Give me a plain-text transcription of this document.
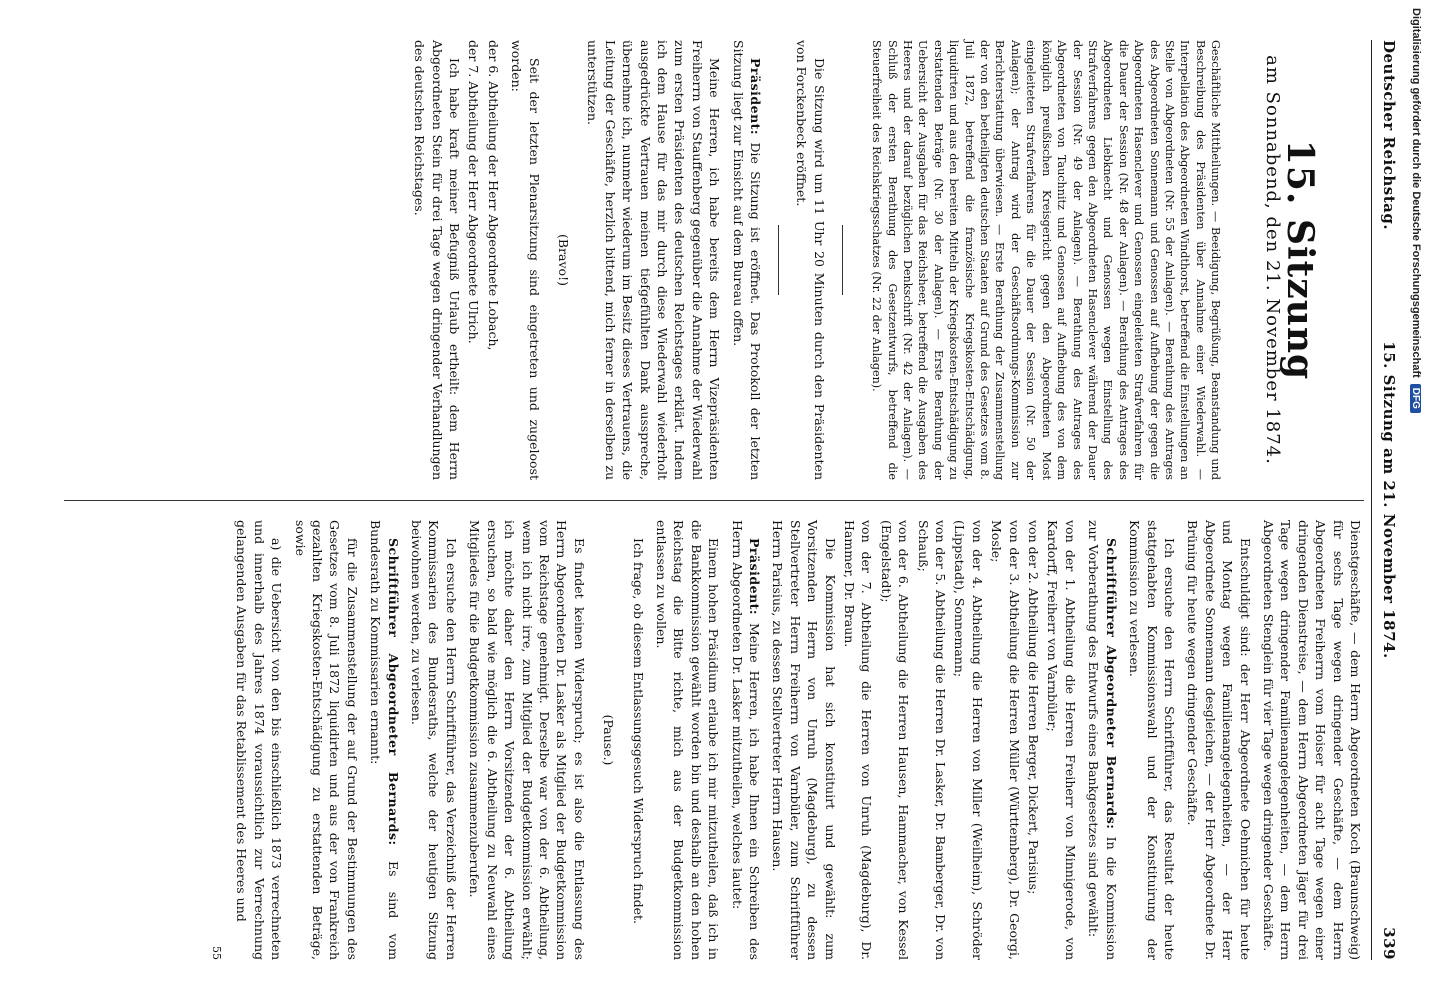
Deutscher Reichstag.
15. Sitzung am 21. November 1874.
339
15. Sitzung
am Sonnabend, den 21. November 1874.

Geschäftliche Mittheilungen. — Beeidigung, Begrüßung, Beanstandung und Beschreibung des Präsidenten über Annahme einer Wiederwahl. — Interpellation des Abgeordneten Windthorst, betreffend die Einstellungen an Stelle von Abgeordneten (Nr. 55 der Anlagen). — Berathung des Antrages des Abgeordneten Sonnemann und Genossen auf Aufhebung der gegen die Abgeordneten Hasenclever und Genossen eingeleiteten Strafverfahren für die Dauer der Session (Nr. 48 der Anlagen). — Berathung des Antrages des Abgeordneten Liebknecht und Genossen wegen Einstellung des Strafverfahrens gegen den Abgeordneten Hasenclever während der Dauer der Session (Nr. 49 der Anlagen). — Berathung des Antrages des Abgeordneten von Tauchnitz und Genossen auf Aufhebung des von dem königlich preußischen Kreisgericht gegen den Abgeordneten Most eingeleiteten Strafverfahrens für die Dauer der Session (Nr. 50 der Anlagen); der Antrag wird der Geschäftsordnungs-Kommission zur Berichterstattung überwiesen. — Erste Berathung der Zusammenstellung der von den betheiligten deutschen Staaten auf Grund des Gesetzes vom 8. Juli 1872, betreffend die französische Kriegskosten-Entschädigung, liquidirten und aus den bereiten Mitteln der Kriegskosten-Entschädigung zu erstattenden Beträge (Nr. 30 der Anlagen). — Erste Berathung der Uebersicht der Ausgaben für das Reichsheer, betreffend die Ausgaben des Heeres und der darauf bezüglichen Denkschrift (Nr. 42 der Anlagen). — Schluß der ersten Berathung des Gesetzentwurfs, betreffend die Steuerfreiheit des Reichskriegsschatzes (Nr. 22 der Anlagen).

Die Sitzung wird um 11 Uhr 20 Minuten durch den Präsidenten von Forckenbeck eröffnet.

Präsident: Die Sitzung ist eröffnet. Das Protokoll der letzten Sitzung liegt zur Einsicht auf dem Bureau offen.

Meine Herren, ich habe bereits dem Herrn Vizepräsidenten Freiherrn von Stauffenberg gegenüber die Annahme der Wiederwahl zum ersten Präsidenten des deutschen Reichstages erklärt. Indem ich dem Hause für das mir durch diese Wiederwahl wiederholt ausgedrückte Vertrauen meinen tiefgefühlten Dank ausspreche, übernehme ich, nunmehr wiederum im Besitz dieses Vertrauens, die Leitung der Geschäfte, herzlich bittend, mich ferner in derselben zu unterstützen.

(Bravo!)

Seit der letzten Plenarsitzung sind eingetreten und zugeloost worden:

der 6. Abtheilung der Herr Abgeordnete Lobach,

der 7. Abtheilung der Herr Abgeordnete Ulrich.

Ich habe kraft meiner Befugniß Urlaub ertheilt: dem Herrn Abgeordneten Stein für drei Tage wegen dringender Verhandlungen des deutschen Reichstages.

Dienstgeschäfte, — dem Herrn Abgeordneten Koch (Braunschweig) für sechs Tage wegen dringender Geschäfte, — dem Herrn Abgeordneten Freiherrn vom Hoiser für acht Tage wegen einer dringenden Dienstreise, — dem Herrn Abgeordneten Jäger für drei Tage wegen dringender Familienangelegenheiten, — dem Herrn Abgeordneten Stenglein für vier Tage wegen dringender Geschäfte.

Entschuldigt sind: der Herr Abgeordnete Oehmichen für heute und Montag wegen Familienangelegenheiten, — der Herr Abgeordnete Sonnemann desgleichen, — der Herr Abgeordnete Dr. Brüning für heute wegen dringender Geschäfte.

Ich ersuche den Herrn Schriftführer, das Resultat der heute stattgehabten Kommissionswahl und der Konstituirung der Kommission zu verlesen.

Schriftführer Abgeordneter Bernards: In die Kommission zur Vorberathung des Entwurfs eines Bankgesetzes sind gewählt:

von der 1. Abtheilung die Herren Freiherr von Minnigerode, von Kardorff, Freiherr von Varnbüler;

von der 2. Abtheilung die Herren Berger, Dickert, Parisius;

von der 3. Abtheilung die Herren Müller (Württemberg), Dr. Georgi, Mosle;

von der 4. Abtheilung die Herren von Miller (Weilheim), Schröder (Lippstadt), Sonnemann;

von der 5. Abtheilung die Herren Dr. Lasker, Dr. Bamberger, Dr. von Schauß;

von der 6. Abtheilung die Herren Hausen, Hammacher, von Kessel (Engelstadt);

von der 7. Abtheilung die Herren von Unruh (Magdeburg), Dr. Hammer, Dr. Braun.

Die Kommission hat sich konstituirt und gewählt: zum Vorsitzenden Herrn von Unruh (Magdeburg), zu dessen Stellvertreter Herrn Freiherrn von Varnbüler, zum Schriftführer Herrn Parisius, zu dessen Stellvertreter Herrn Hausen.

Präsident: Meine Herren, ich habe Ihnen ein Schreiben des Herrn Abgeordneten Dr. Lasker mitzutheilen, welches lautet:

Einem hohen Präsidium erlaube ich mir mitzutheilen, daß ich in die Bankkommission gewählt worden bin und deshalb an den hohen Reichstag die Bitte richte, mich aus der Budgetkommission entlassen zu wollen.

Ich frage, ob diesem Entlassungsgesuch Widerspruch findet.

(Pause.)

Es findet keinen Widerspruch; es ist also die Entlassung des Herrn Abgeordneten Dr. Lasker als Mitglied der Budgetkommission vom Reichstage genehmigt. Derselbe war von der 6. Abtheilung, wenn ich nicht irre, zum Mitglied der Budgetkommission erwählt; ich möchte daher den Herrn Vorsitzenden der 6. Abtheilung ersuchen, so bald wie möglich die 6. Abtheilung zu Neuwahl eines Mitgliedes für die Budgetkommission zusammenzuberufen.

Ich ersuche den Herrn Schriftführer, das Verzeichniß der Herren Kommissarien des Bundesraths, welche der heutigen Sitzung beiwohnen werden, zu verlesen.

Schriftführer Abgeordneter Bernards: Es sind vom Bundesrath zu Kommissarien ernannt:

für die Zusammenstellung der auf Grund der Bestimmungen des Gesetzes vom 8. Juli 1872 liquidirten und aus der von Frankreich gezahlten Kriegskosten-Entschädigung zu erstattenden Beträge, sowie

a) die Uebersicht von den bis einschließlich 1873 verrechneten und innerhalb des Jahres 1874 voraussichtlich zur Verrechnung gelangenden Ausgaben für das Retablissement des Heeres und

55
Digitalisierung gefördert durch die Deutsche ForschungsgemeinschaftDFG
